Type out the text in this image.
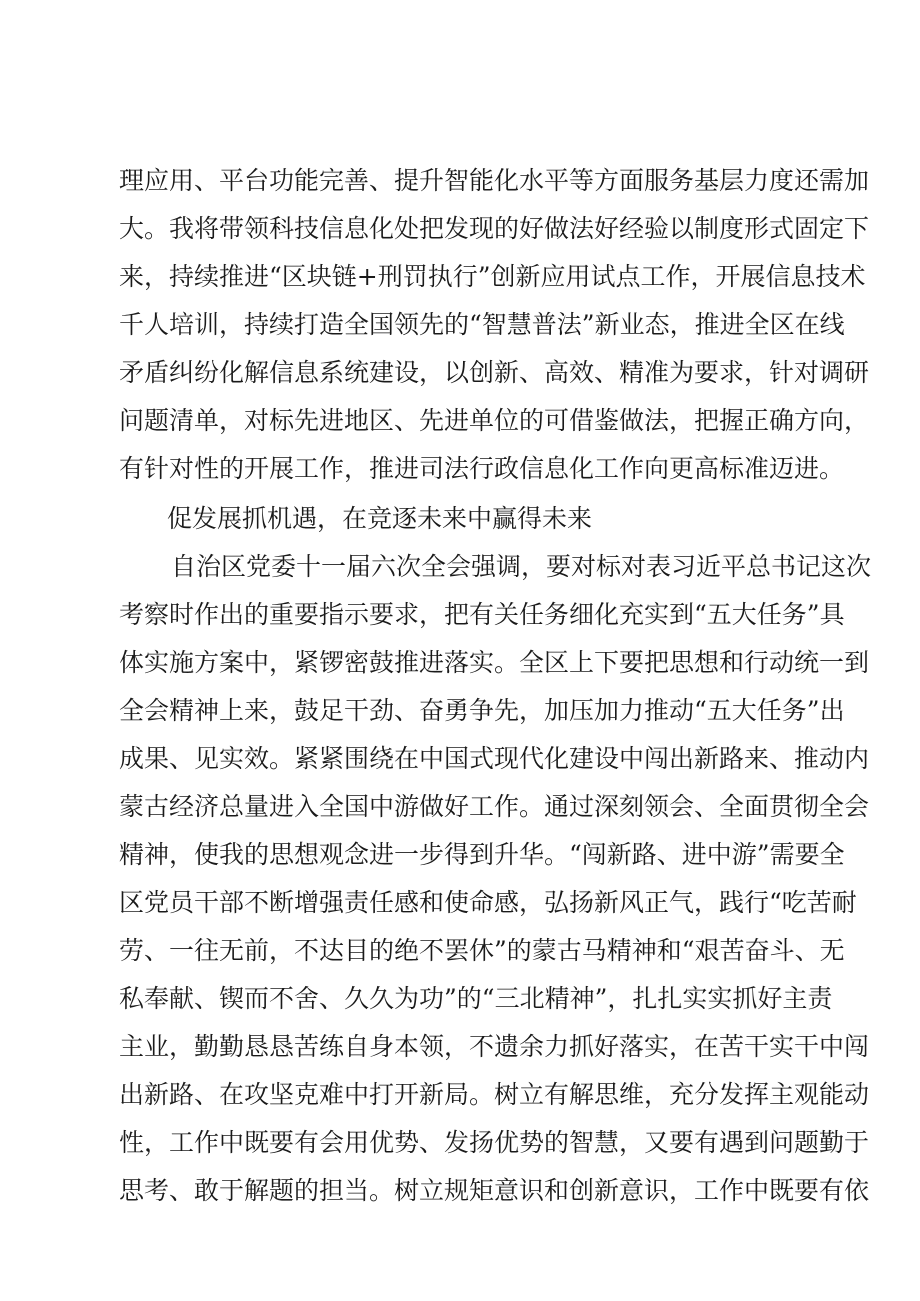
理应用、平台功能完善、提升智能化水平等方面服务基层力度还需加
大。我将带领科技信息化处把发现的好做法好经验以制度形式固定下
来，持续推进“区块链+刑罚执行”创新应用试点工作，开展信息技术
千人培训，持续打造全国领先的“智慧普法”新业态，推进全区在线
矛盾纠纷化解信息系统建设，以创新、高效、精准为要求，针对调研
问题清单，对标先进地区、先进单位的可借鉴做法，把握正确方向，
有针对性的开展工作，推进司法行政信息化工作向更高标准迈进。
促发展抓机遇，在竞逐未来中赢得未来
自治区党委十一届六次全会强调，要对标对表习近平总书记这次
考察时作出的重要指示要求，把有关任务细化充实到“五大任务”具
体实施方案中，紧锣密鼓推进落实。全区上下要把思想和行动统一到
全会精神上来，鼓足干劲、奋勇争先，加压加力推动“五大任务”出
成果、见实效。紧紧围绕在中国式现代化建设中闯出新路来、推动内
蒙古经济总量进入全国中游做好工作。通过深刻领会、全面贯彻全会
精神，使我的思想观念进一步得到升华。“闯新路、进中游”需要全
区党员干部不断增强责任感和使命感，弘扬新风正气，践行“吃苦耐
劳、一往无前，不达目的绝不罢休”的蒙古马精神和“艰苦奋斗、无
私奉献、锲而不舍、久久为功”的“三北精神”，扎扎实实抓好主责
主业，勤勤恳恳苦练自身本领，不遗余力抓好落实，在苦干实干中闯
出新路、在攻坚克难中打开新局。树立有解思维，充分发挥主观能动
性，工作中既要有会用优势、发扬优势的智慧，又要有遇到问题勤于
思考、敢于解题的担当。树立规矩意识和创新意识，工作中既要有依
